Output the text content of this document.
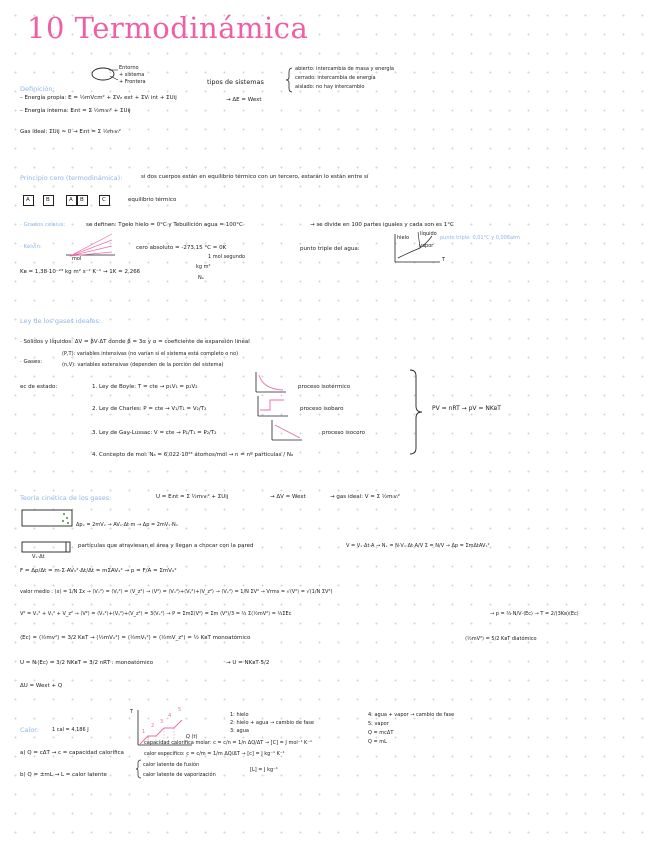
10 Termodinámica
Definición:
Entorno
+ sistema
+ Frontera	tipos de sistemas
abierto: intercambia de masa y energía
cerrado: intercambia de energía
aislado: no hay intercambio
– Energía propia: E = ½mVcm² + ΣVₑ ext + ΣVᵢ int + ΣUij	→ ΔE = Wext
– Energía interna: Eᵢnt = Σ ½mᵢvᵢ² + ΣUij
Gas ideal: ΣUij ≈ 0 → Eᵢnt = Σ ½mᵢvᵢ²
Principio cero (termodinámica):	si dos cuerpos están en equilibrio térmico con un tercero, estarán lo están entre sí
A	B	A B	C	equilibrio térmico
· Grados celsius:	se definen: Tgelo hielo = 0°C y Tebullición agua = 100°C	→ se divide en 100 partes iguales y cada son es 1°C
· Kelvin:
mol
cero absoluto = -273,15 °C = 0K
1 mol segundo
punto triple del agua:
hielo
líquido
vapor
punto triple: 0,01°C y 0,006atm
T
Kʙ = 1,38·10⁻²³ kg m² s⁻² K⁻¹ → 1K = 2,266
kg m²
Nₐ
Ley de los gases ideales:
· Sólidos y líquidos: ΔV = βV·ΔT donde β = 3α y α = coeficiente de expansión lineal
· Gases:
(P,T): variables intensivas (no varían si el sistema está completo o no)
(n,V): variables extensivas (dependen de la porción del sistema)
ec de estado:	1. Ley de Boyle: T = cte → p₁V₁ = p₂V₂	proceso isotérmico
2. Ley de Charles: P = cte → V₁/T₁ = V₂/T₂	proceso isobaro
3. Ley de Gay-Lussac: V = cte → P₁/T₁ = P₂/T₂	proceso isocoro
4. Concepto de mol: Nₐ = 6,022·10²³ átomos/mol → n = nº partículas / Nₐ
PV = nRT → pV = NKʙT
Teoría cinética de los gases:	U = Eᵢnt = Σ ½mᵢvᵢ² + ΣUij	→ ΔV = Wext	→ gas ideal: V = Σ ½mᵢvᵢ²
Δpₓ = 2mVₓ → AVₓ·Δt·m → Δp = 2mVₓ·Nₓ
partículas que atraviesan el área y llegan a chocar con la pared	V = Vₓ·Δt·A → Nₓ = N·Vₓ·Δt·A/V Σ = N/V → Δp = ΣmΔtAVₓ²
Vₓ·Δt
F = Δp/Δt = m·Σ·AVₓ²·Δt/Δt = mΣAVₓ² → p = F/A = ΣmVₓ²
valor medio : ⟨x⟩ = 1/N Σx → ⟨Vₓ²⟩ = ⟨Vᵧ²⟩ = ⟨V_z²⟩ → ⟨V²⟩ = ⟨Vₓ²⟩+⟨Vᵧ²⟩+⟨V_z²⟩ → ⟨Vₓ²⟩ = 1/N ΣV² → Vrms = √⟨V²⟩ = √(1/N ΣV²)
V² = Vₓ² + Vᵧ² + V_z² → ⟨V²⟩ = ⟨Vₓ²⟩+⟨Vᵧ²⟩+⟨V_z²⟩ = 3⟨Vₓ²⟩ → P = ΣmΣ⟨V²⟩ = Σm ⟨V²⟩/3 = ⅔ Σ⟨½mV²⟩ = ⅔ΣEc	→ p = ⅔·N/V·⟨Ec⟩ → T = 2/(3Kʙ)⟨Ec⟩
⟨Ec⟩ = ⟨½mv²⟩ = 3/2 KʙT → ⟨½mVₓ²⟩ = ⟨½mVᵧ²⟩ = ⟨½mV_z²⟩ = ½ KʙT monoatómico	⟨½mV²⟩ = 5/2 KʙT diatómico
U = Nᵢ⟨Ec⟩ = 3/2 NKʙT = 3/2 nRT : monoatómico	→ U = NKʙT·5/2
ΔU = Wext + Q
Calor:	1 cal = 4,186 J
T
Q (t)
1
2
3
4
5
1: hielo
2: hielo + agua → cambio de fase
3: agua
4: agua + vapor → cambio de fase
5: vapor
Q = mcΔT
Q = mL
capacidad calorífica molar: c = c/n = 1/n ΔQ/ΔT → [C] = J mol⁻¹ K⁻¹
a) Q = cΔT → c = capacidad calorífica	calor específico: c = c/m = 1/m ΔQ/ΔT → [c] = J kg⁻¹ K⁻¹
calor latente de fusión
calor latente de vaporización
[L] = J kg⁻¹
b) Q = ±mL → L = calor latente
